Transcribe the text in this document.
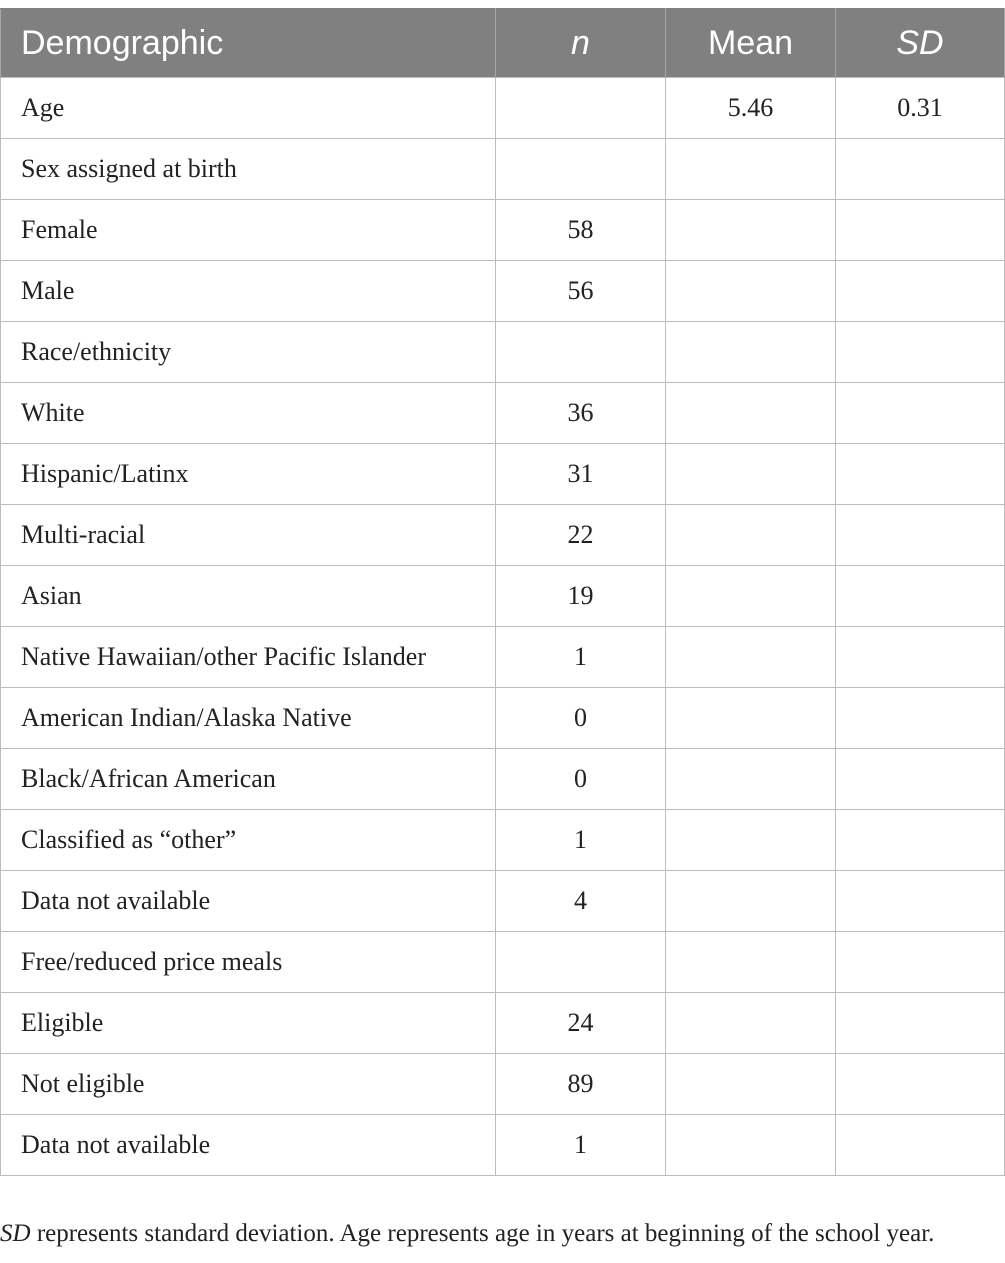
Demographic	n	Mean	SD
Age		5.46	0.31
Sex assigned at birth			
Female	58		
Male	56		
Race/ethnicity			
White	36		
Hispanic/Latinx	31		
Multi-racial	22		
Asian	19		
Native Hawaiian/other Pacific Islander	1		
American Indian/Alaska Native	0		
Black/African American	0		
Classified as “other”	1		
Data not available	4		
Free/reduced price meals			
Eligible	24		
Not eligible	89		
Data not available	1		
SD represents standard deviation. Age represents age in years at beginning of the school year.
